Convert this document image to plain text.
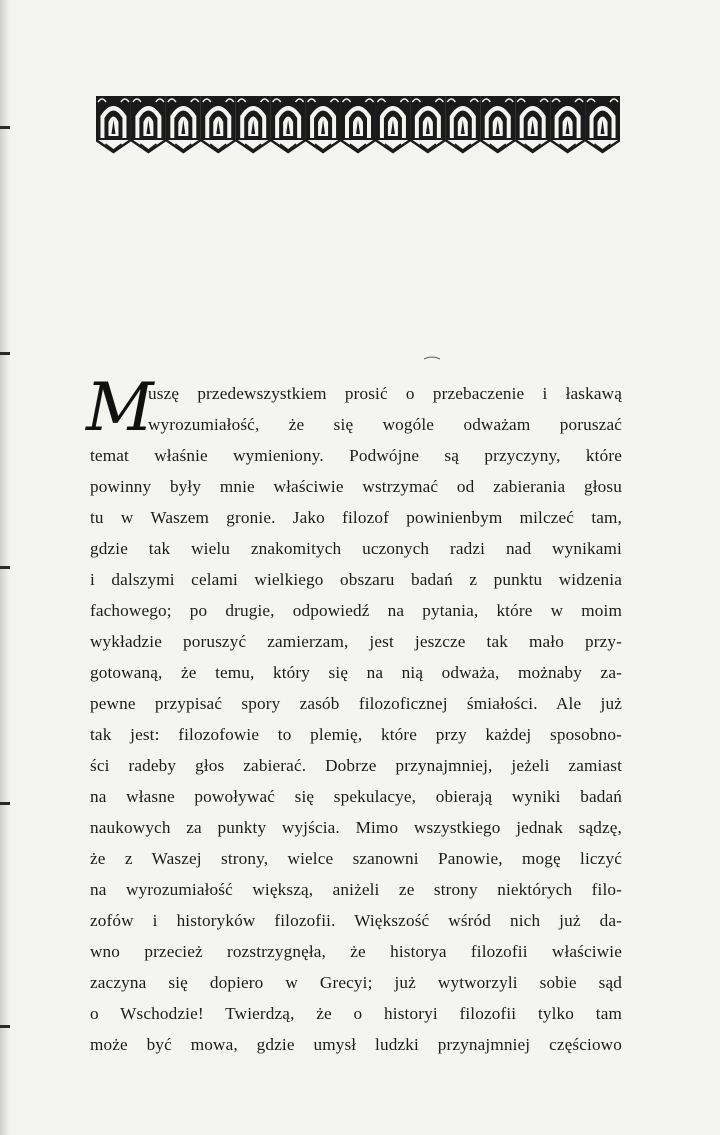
M
uszę przedewszystkiem prosić o przebaczenie i łaskawą
wyrozumiałość, że się wogóle odważam poruszać
temat właśnie wymieniony. Podwójne są przyczyny, które
powinny były mnie właściwie wstrzymać od zabierania głosu
tu w Waszem gronie. Jako filozof powinienbym milczeć tam,
gdzie tak wielu znakomitych uczonych radzi nad wynikami
i dalszymi celami wielkiego obszaru badań z punktu widzenia
fachowego; po drugie, odpowiedź na pytania, które w moim
wykładzie poruszyć zamierzam, jest jeszcze tak mało przy-
gotowaną, że temu, który się na nią odważa, możnaby za-
pewne przypisać spory zasób filozoficznej śmiałości. Ale już
tak jest: filozofowie to plemię, które przy każdej sposobno-
ści radeby głos zabierać. Dobrze przynajmniej, jeżeli zamiast
na własne powoływać się spekulacye, obierają wyniki badań
naukowych za punkty wyjścia. Mimo wszystkiego jednak sądzę,
że z Waszej strony, wielce szanowni Panowie, mogę liczyć
na wyrozumiałość większą, aniżeli ze strony niektórych filo-
zofów i historyków filozofii. Większość wśród nich już da-
wno przecież rozstrzygnęła, że historya filozofii właściwie
zaczyna się dopiero w Grecyi; już wytworzyli sobie sąd
o Wschodzie! Twierdzą, że o historyi filozofii tylko tam
może być mowa, gdzie umysł ludzki przynajmniej częściowo
